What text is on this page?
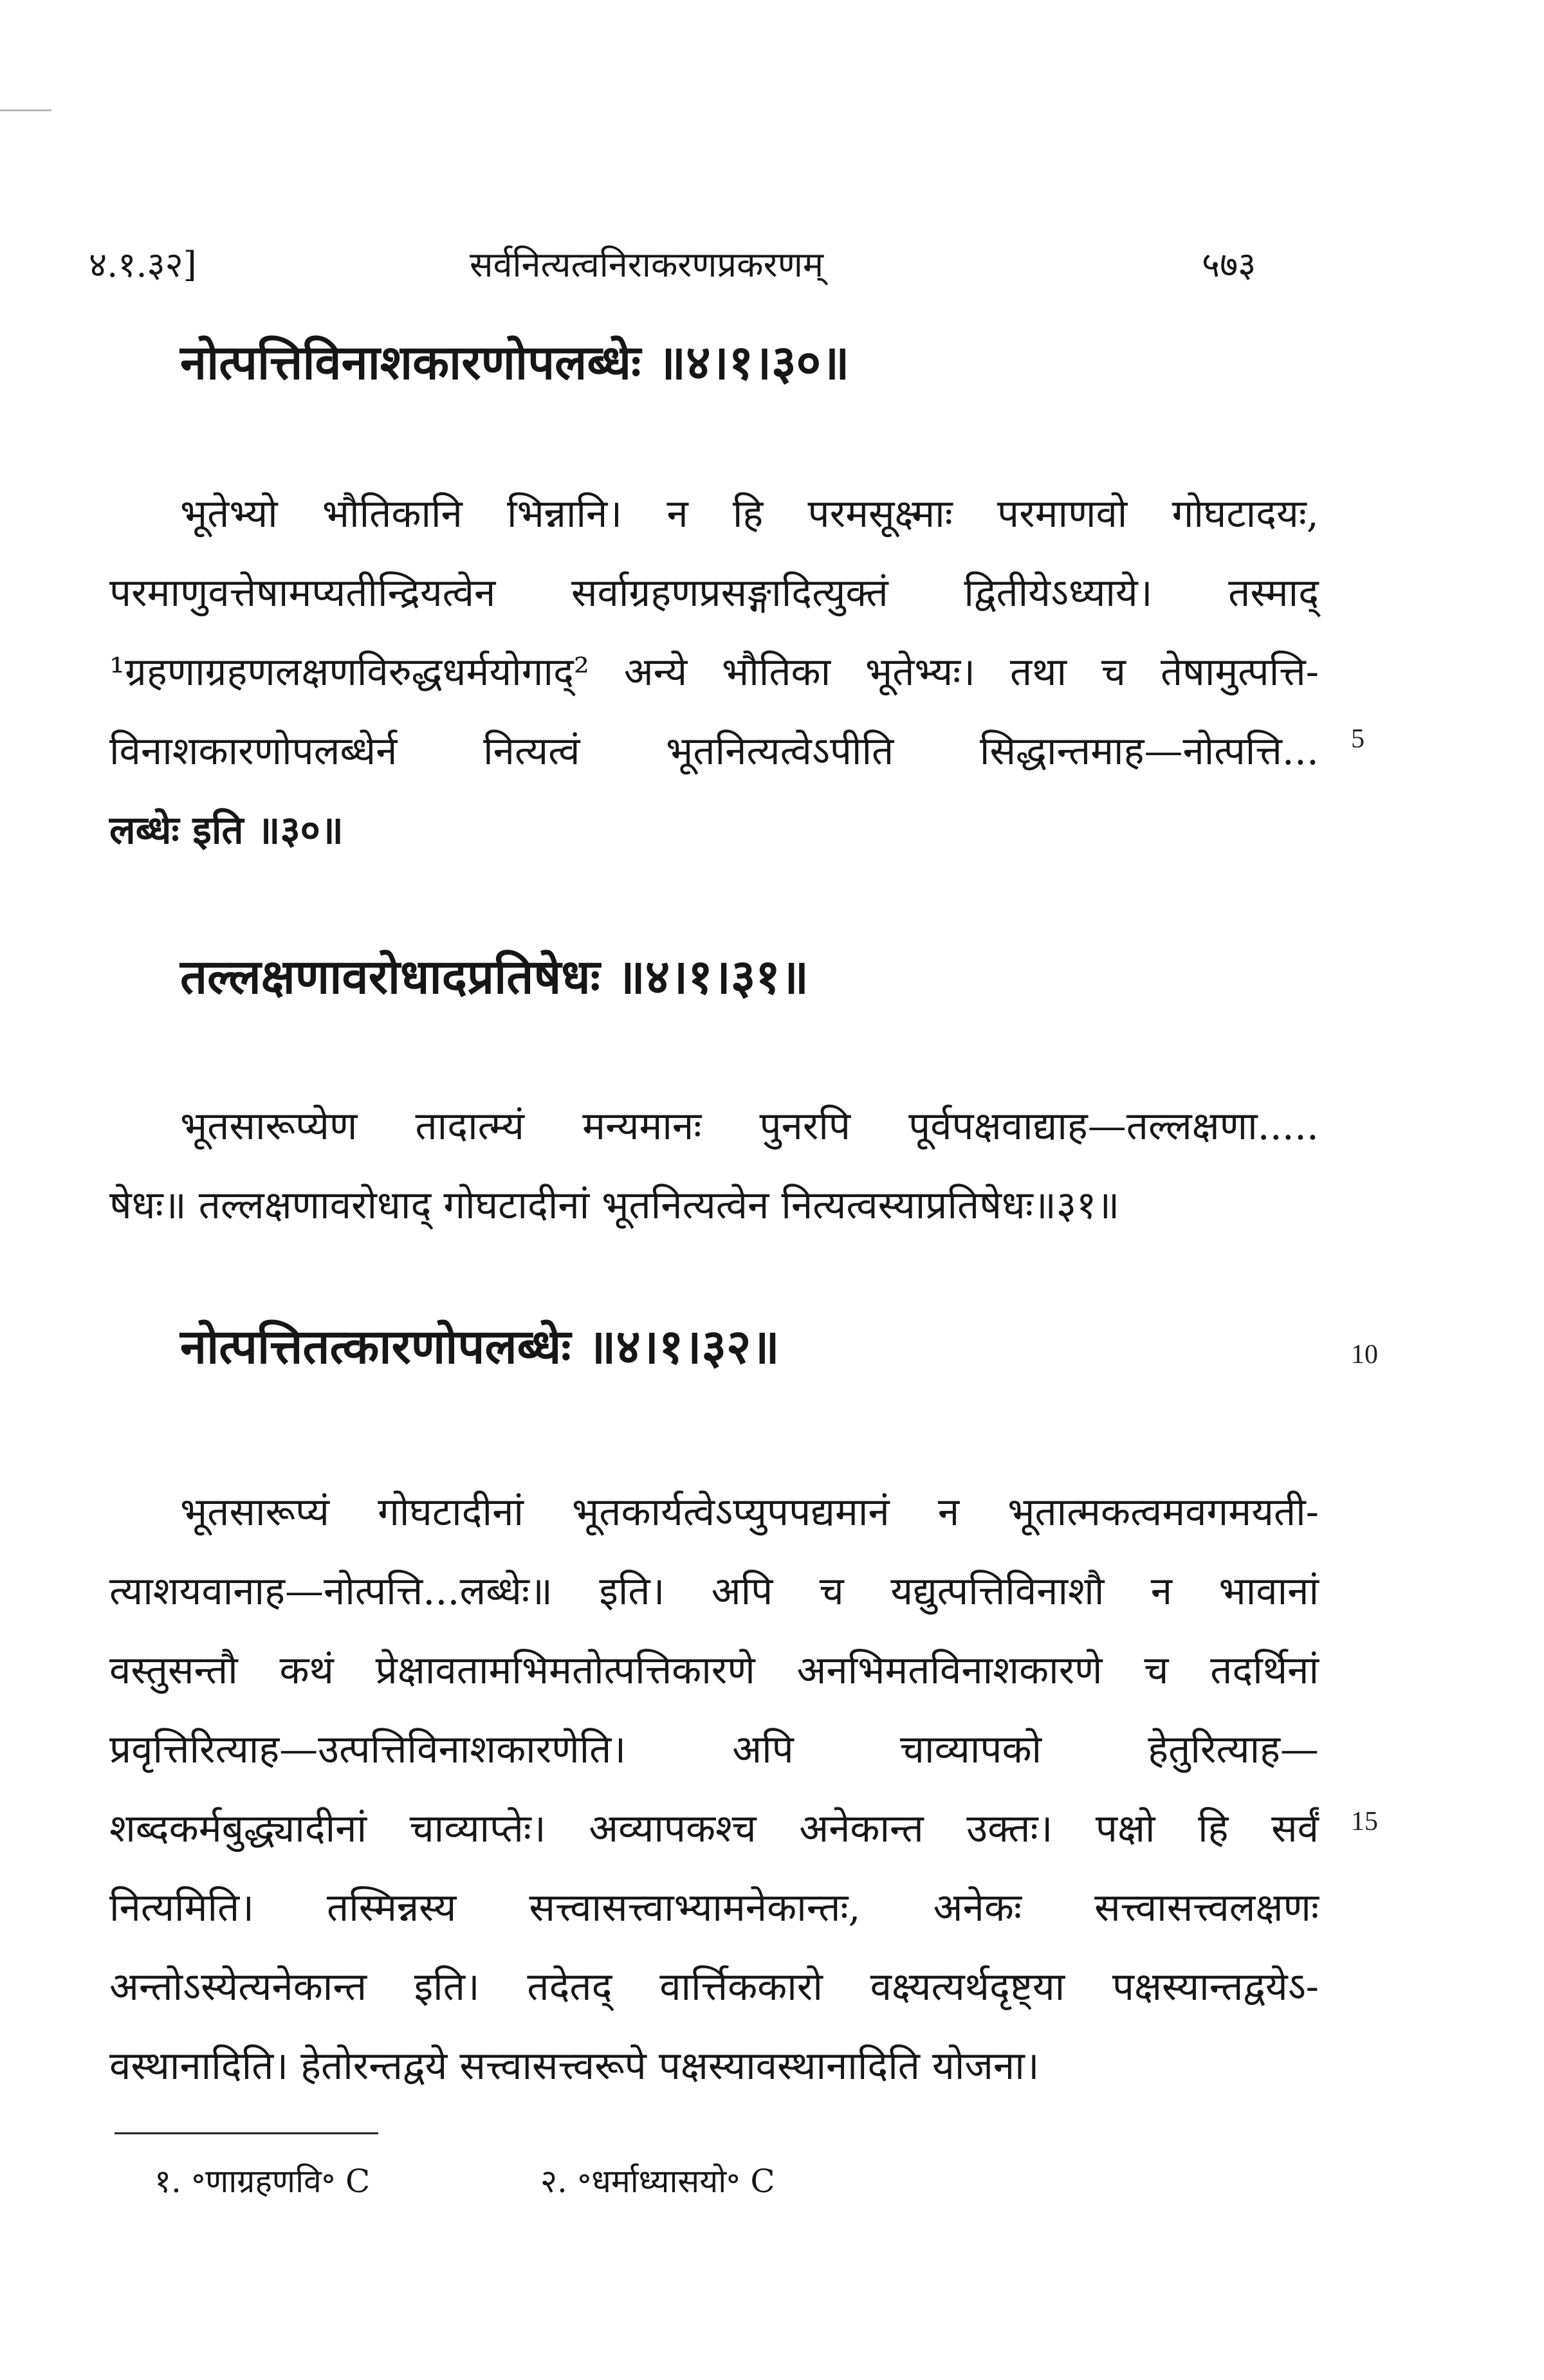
४.१.३२]	सर्वनित्यत्वनिराकरणप्रकरणम्	५७३
नोत्पत्तिविनाशकारणोपलब्धेः ॥४।१।३०॥
भूतेभ्यो भौतिकानि भिन्नानि। न हि परमसूक्ष्माः परमाणवो गोघटादयः,
परमाणुवत्तेषामप्यतीन्द्रियत्वेन सर्वाग्रहणप्रसङ्गादित्युक्तं द्वितीयेऽध्याये। तस्माद्
¹ग्रहणाग्रहणलक्षणविरुद्धधर्मयोगाद्² अन्ये भौतिका भूतेभ्यः। तथा च तेषामुत्पत्ति-
विनाशकारणोपलब्धेर्न नित्यत्वं भूतनित्यत्वेऽपीति सिद्धान्तमाह—नोत्पत्ति...
लब्धेः इति ॥३०॥
5
तल्लक्षणावरोधादप्रतिषेधः ॥४।१।३१॥
भूतसारूप्येण तादात्म्यं मन्यमानः पुनरपि पूर्वपक्षवाद्याह—तल्लक्षणा.....
षेधः॥ तल्लक्षणावरोधाद् गोघटादीनां भूतनित्यत्वेन नित्यत्वस्याप्रतिषेधः॥३१॥
नोत्पत्तितत्कारणोपलब्धेः ॥४।१।३२॥	10
भूतसारूप्यं गोघटादीनां भूतकार्यत्वेऽप्युपपद्यमानं न भूतात्मकत्वमवगमयती-
त्याशयवानाह—नोत्पत्ति...लब्धेः॥ इति। अपि च यद्युत्पत्तिविनाशौ न भावानां
वस्तुसन्तौ कथं प्रेक्षावतामभिमतोत्पत्तिकारणे अनभिमतविनाशकारणे च तदर्थिनां
प्रवृत्तिरित्याह—उत्पत्तिविनाशकारणेति। अपि चाव्यापको हेतुरित्याह—
शब्दकर्मबुद्ध्यादीनां चाव्याप्तेः। अव्यापकश्च अनेकान्त उक्तः। पक्षो हि सर्वं
नित्यमिति। तस्मिन्नस्य सत्त्वासत्त्वाभ्यामनेकान्तः, अनेकः सत्त्वासत्त्वलक्षणः
अन्तोऽस्येत्यनेकान्त इति। तदेतद् वार्त्तिककारो वक्ष्यत्यर्थदृष्ट्या पक्षस्यान्तद्वयेऽ-
वस्थानादिति। हेतोरन्तद्वये सत्त्वासत्त्वरूपे पक्षस्यावस्थानादिति योजना।
15
१. ॰णाग्रहणवि॰ C	२. ॰धर्माध्यासयो॰ C
